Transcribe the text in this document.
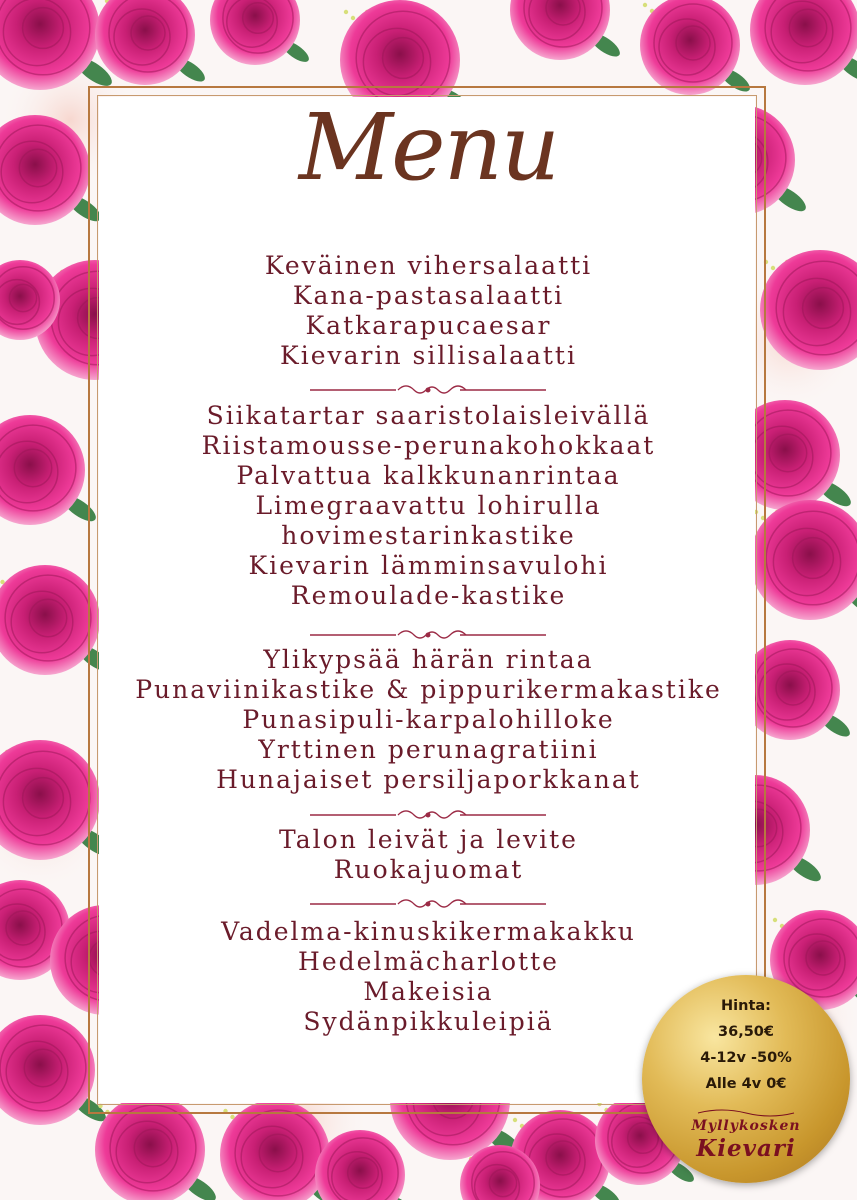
Menu
Keväinen vihersalaatti
Kana-pastasalaatti
Katkarapucaesar
Kievarin sillisalaatti
Siikatartar saaristolaisleivällä
Riistamousse-perunakohokkaat
Palvattua kalkkunanrintaa
Limegraavattu lohirulla
hovimestarinkastike
Kievarin lämminsavulohi
Remoulade-kastike
Ylikypsää härän rintaa
Punaviinikastike & pippurikermakastike
Punasipuli-karpalohilloke
Yrttinen perunagratiini
Hunajaiset persiljaporkkanat
Talon leivät ja levite
Ruokajuomat
Vadelma-kinuskikermakakku
Hedelmächarlotte
Makeisia
Sydänpikkuleipiä
Hinta:
36,50€
4-12v -50%
Alle 4v 0€
Myllykosken
Kievari
